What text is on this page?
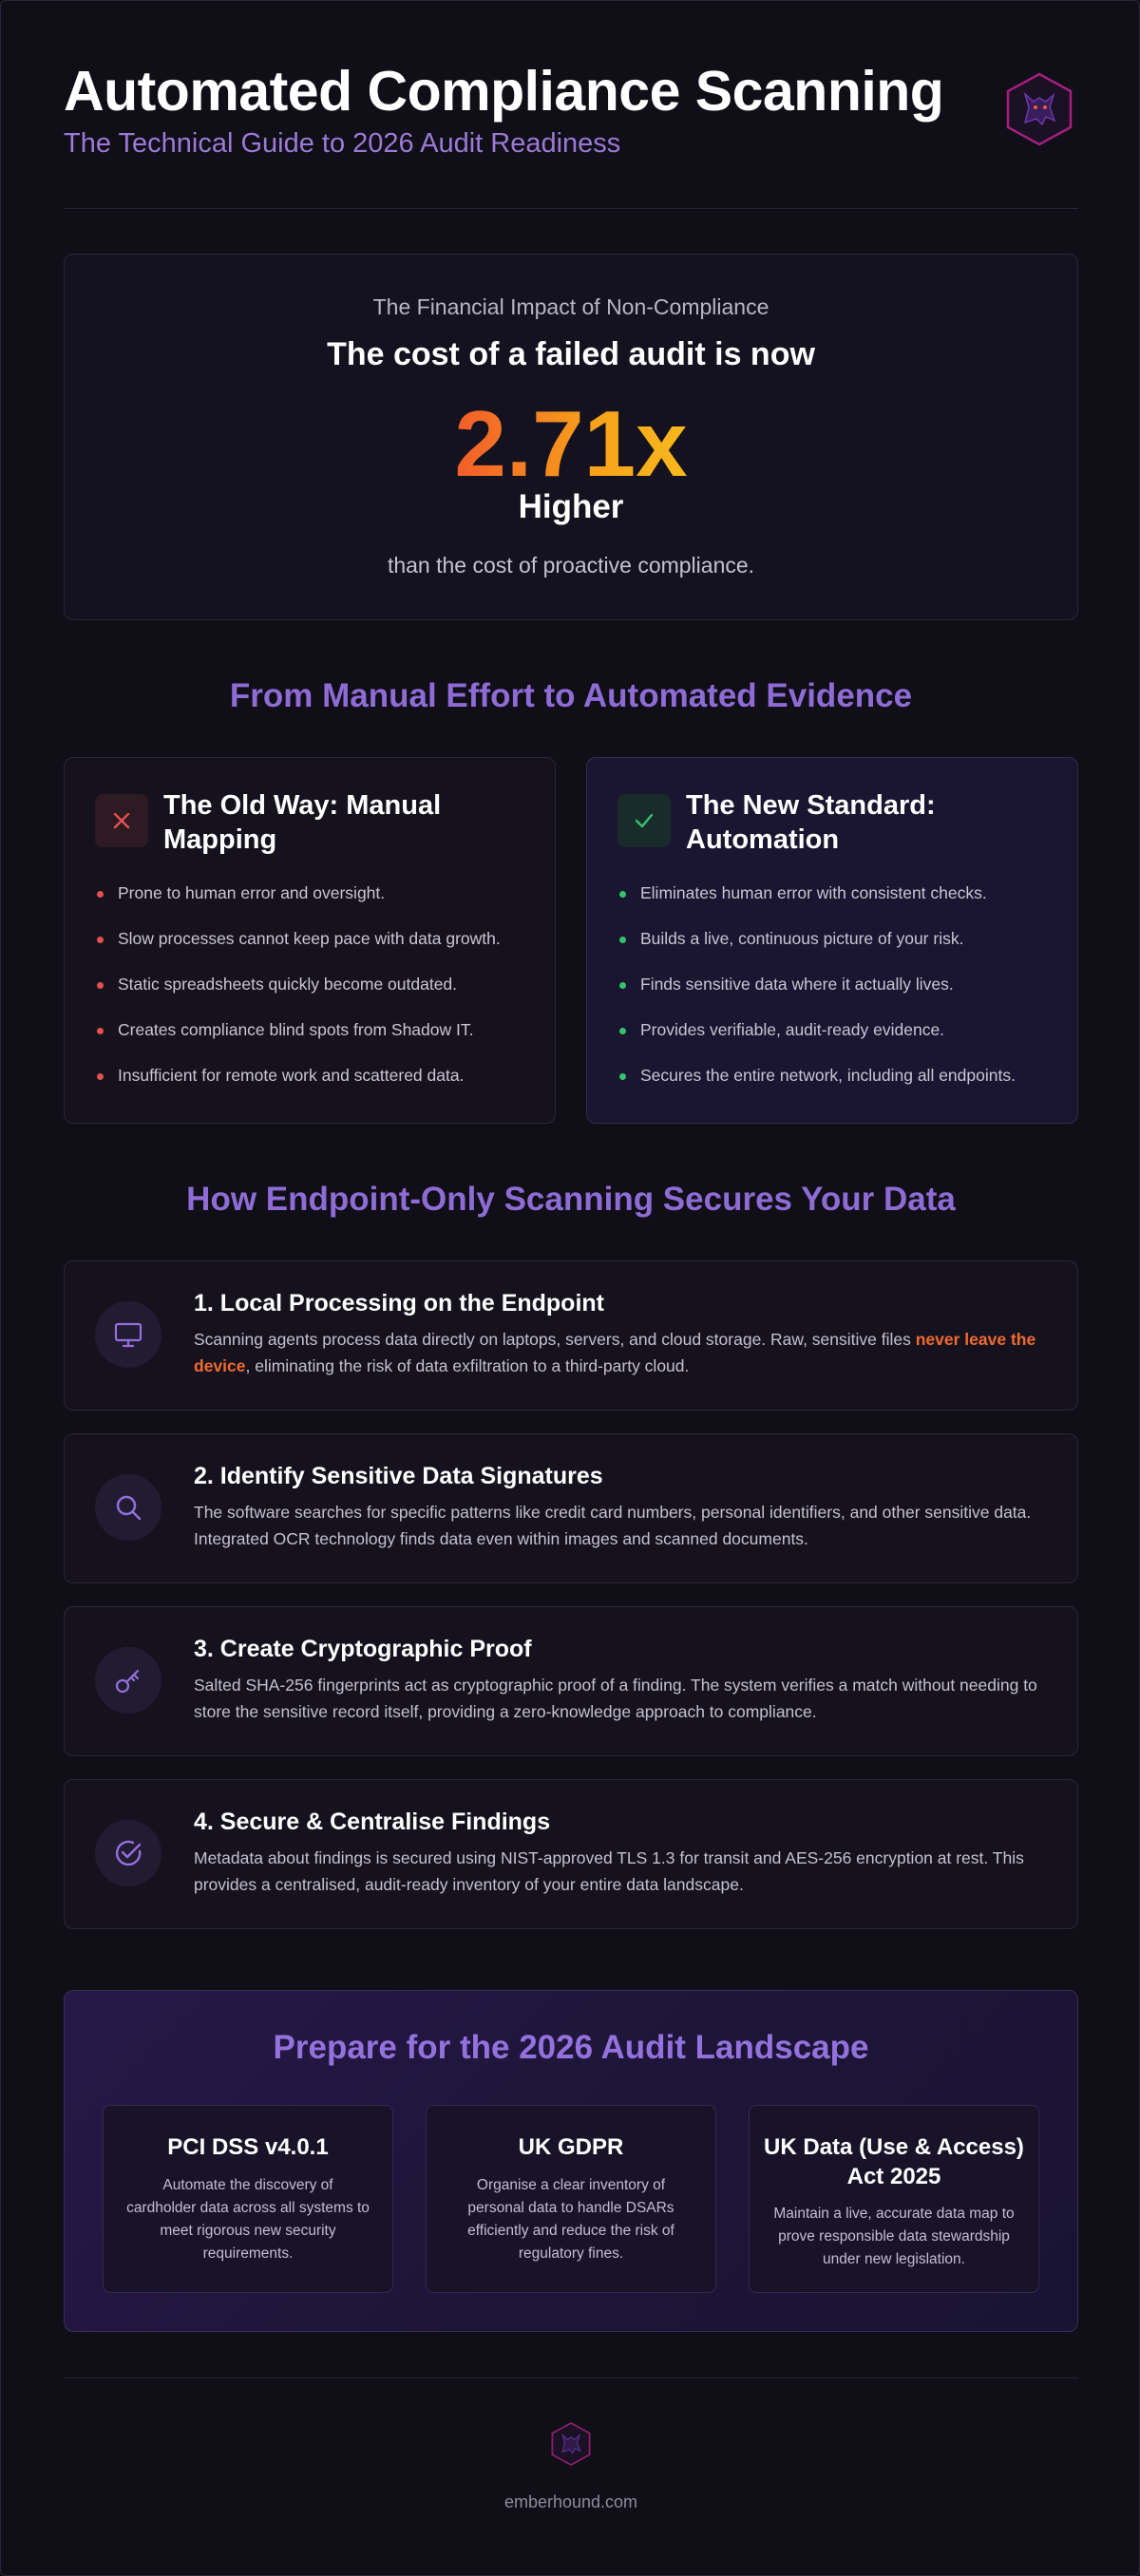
Automated Compliance Scanning
The Technical Guide to 2026 Audit Readiness
The Financial Impact of Non-Compliance
The cost of a failed audit is now
2.71x
Higher
than the cost of proactive compliance.
From Manual Effort to Automated Evidence
The Old Way: Manual Mapping
Prone to human error and oversight.
Slow processes cannot keep pace with data growth.
Static spreadsheets quickly become outdated.
Creates compliance blind spots from Shadow IT.
Insufficient for remote work and scattered data.
The New Standard: Automation
Eliminates human error with consistent checks.
Builds a live, continuous picture of your risk.
Finds sensitive data where it actually lives.
Provides verifiable, audit-ready evidence.
Secures the entire network, including all endpoints.
How Endpoint-Only Scanning Secures Your Data
1. Local Processing on the Endpoint
Scanning agents process data directly on laptops, servers, and cloud storage. Raw, sensitive files never leave the device, eliminating the risk of data exfiltration to a third-party cloud.
2. Identify Sensitive Data Signatures
The software searches for specific patterns like credit card numbers, personal identifiers, and other sensitive data. Integrated OCR technology finds data even within images and scanned documents.
3. Create Cryptographic Proof
Salted SHA-256 fingerprints act as cryptographic proof of a finding. The system verifies a match without needing to store the sensitive record itself, providing a zero-knowledge approach to compliance.
4. Secure & Centralise Findings
Metadata about findings is secured using NIST-approved TLS 1.3 for transit and AES-256 encryption at rest. This provides a centralised, audit-ready inventory of your entire data landscape.
Prepare for the 2026 Audit Landscape
PCI DSS v4.0.1
Automate the discovery of cardholder data across all systems to meet rigorous new security requirements.
UK GDPR
Organise a clear inventory of personal data to handle DSARs efficiently and reduce the risk of regulatory fines.
UK Data (Use & Access) Act 2025
Maintain a live, accurate data map to prove responsible data stewardship under new legislation.
emberhound.com
